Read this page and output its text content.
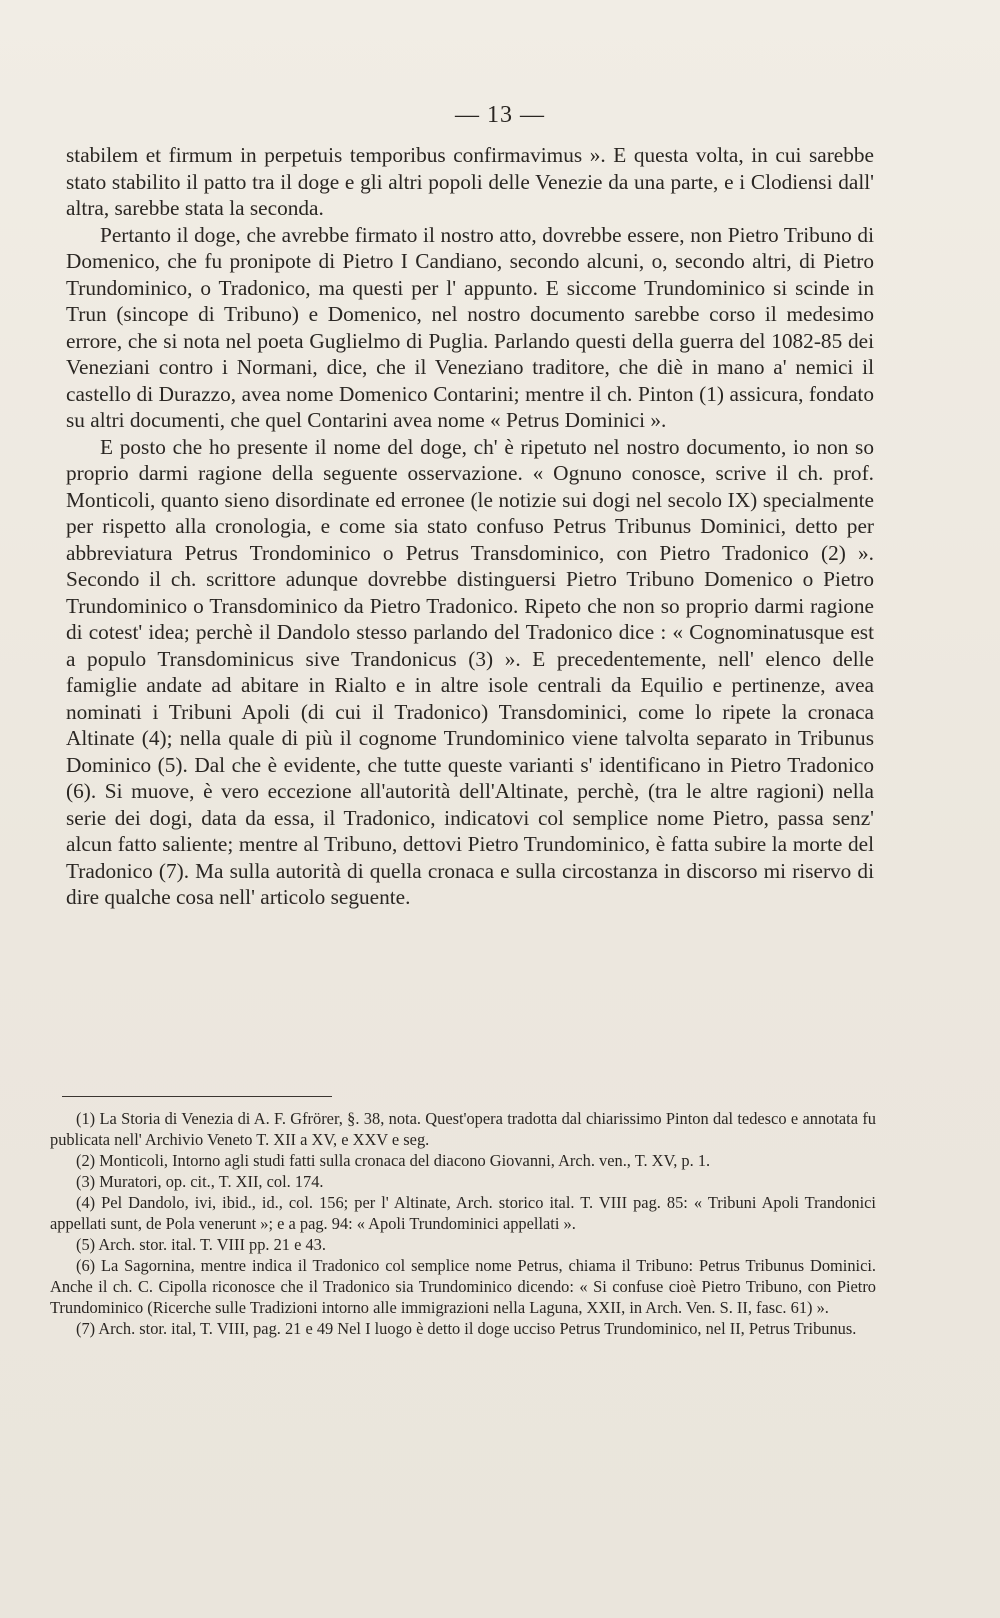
— 13 —

stabilem et firmum in perpetuis temporibus confirmavimus ». E questa volta, in cui sarebbe stato stabilito il patto tra il doge e gli altri popoli delle Venezie da una parte, e i Clodiensi dall' altra, sarebbe stata la seconda.

Pertanto il doge, che avrebbe firmato il nostro atto, dovrebbe essere, non Pietro Tribuno di Domenico, che fu pronipote di Pietro I Candiano, secondo alcuni, o, secondo altri, di Pietro Trundominico, o Tradonico, ma questi per l' appunto. E siccome Trundominico si scinde in Trun (sincope di Tribuno) e Domenico, nel nostro documento sarebbe corso il medesimo errore, che si nota nel poeta Guglielmo di Puglia. Parlando questi della guerra del 1082-85 dei Veneziani contro i Normani, dice, che il Veneziano traditore, che diè in mano a' nemici il castello di Durazzo, avea nome Domenico Contarini; mentre il ch. Pinton (1) assicura, fondato su altri documenti, che quel Contarini avea nome « Petrus Dominici ».

E posto che ho presente il nome del doge, ch' è ripetuto nel nostro documento, io non so proprio darmi ragione della seguente osservazione. « Ognuno conosce, scrive il ch. prof. Monticoli, quanto sieno disordinate ed erronee (le notizie sui dogi nel secolo IX) specialmente per rispetto alla cronologia, e come sia stato confuso Petrus Tribunus Dominici, detto per abbreviatura Petrus Trondominico o Petrus Transdominico, con Pietro Tradonico (2) ». Secondo il ch. scrittore adunque dovrebbe distinguersi Pietro Tribuno Domenico o Pietro Trundominico o Transdominico da Pietro Tradonico. Ripeto che non so proprio darmi ragione di cotest' idea; perchè il Dandolo stesso parlando del Tradonico dice : « Cognominatusque est a populo Transdominicus sive Trandonicus (3) ». E precedentemente, nell' elenco delle famiglie andate ad abitare in Rialto e in altre isole centrali da Equilio e pertinenze, avea nominati i Tribuni Apoli (di cui il Tradonico) Transdominici, come lo ripete la cronaca Altinate (4); nella quale di più il cognome Trundominico viene talvolta separato in Tribunus Dominico (5). Dal che è evidente, che tutte queste varianti s' identificano in Pietro Tradonico (6). Si muove, è vero eccezione all'autorità dell'Altinate, perchè, (tra le altre ragioni) nella serie dei dogi, data da essa, il Tradonico, indicatovi col semplice nome Pietro, passa senz' alcun fatto saliente; mentre al Tribuno, dettovi Pietro Trundominico, è fatta subire la morte del Tradonico (7). Ma sulla autorità di quella cronaca e sulla circostanza in discorso mi riservo di dire qualche cosa nell' articolo seguente.

(1) La Storia di Venezia di A. F. Gfrörer, §. 38, nota. Quest'opera tradotta dal chiarissimo Pinton dal tedesco e annotata fu publicata nell' Archivio Veneto T. XII a XV, e XXV e seg.

(2) Monticoli, Intorno agli studi fatti sulla cronaca del diacono Giovanni, Arch. ven., T. XV, p. 1.

(3) Muratori, op. cit., T. XII, col. 174.

(4) Pel Dandolo, ivi, ibid., id., col. 156; per l' Altinate, Arch. storico ital. T. VIII pag. 85: « Tribuni Apoli Trandonici appellati sunt, de Pola venerunt »; e a pag. 94: « Apoli Trundominici appellati ».

(5) Arch. stor. ital. T. VIII pp. 21 e 43.

(6) La Sagornina, mentre indica il Tradonico col semplice nome Petrus, chiama il Tribuno: Petrus Tribunus Dominici. Anche il ch. C. Cipolla riconosce che il Tradonico sia Trundominico dicendo: « Si confuse cioè Pietro Tribuno, con Pietro Trundominico (Ricerche sulle Tradizioni intorno alle immigrazioni nella Laguna, XXII, in Arch. Ven. S. II, fasc. 61) ».

(7) Arch. stor. ital, T. VIII, pag. 21 e 49 Nel I luogo è detto il doge ucciso Petrus Trundominico, nel II, Petrus Tribunus.
